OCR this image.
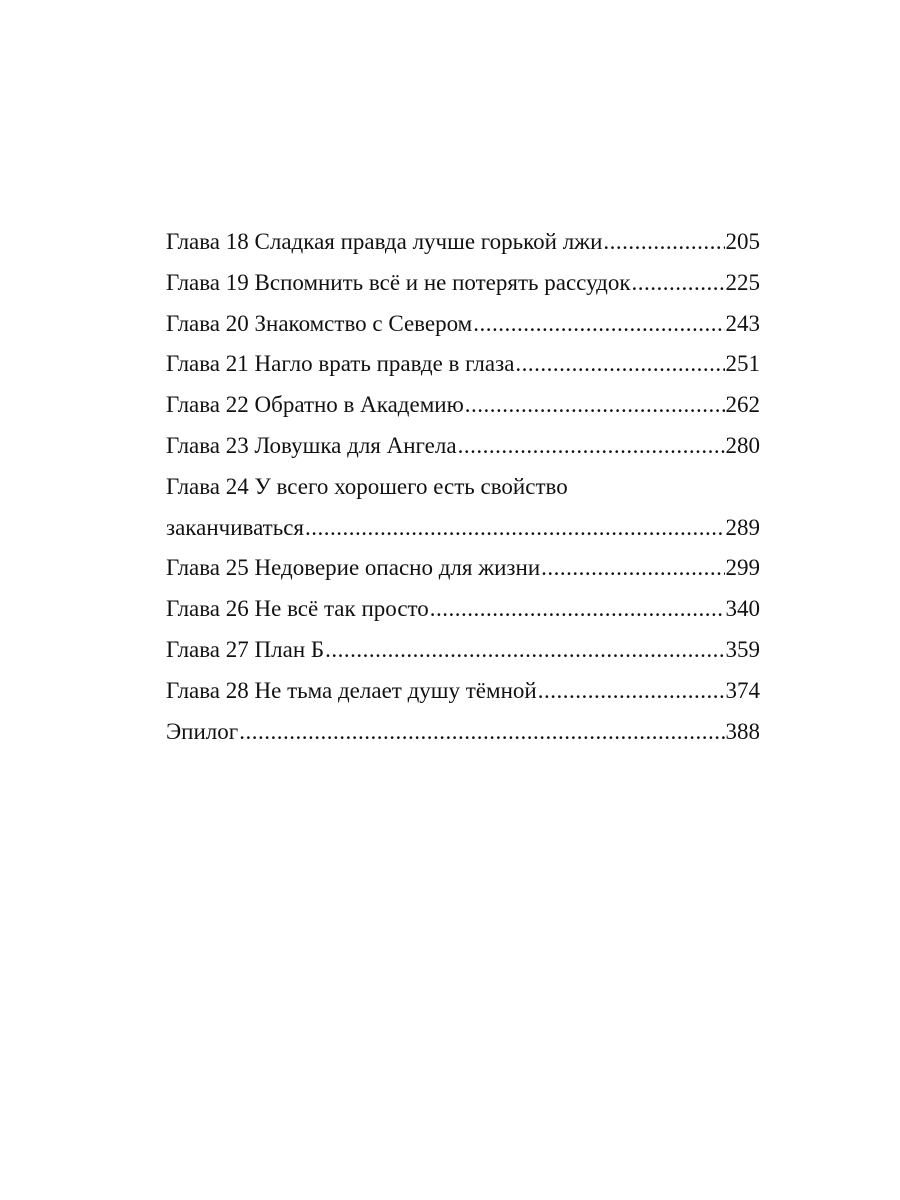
Глава 18 Сладкая правда лучше горькой лжи .....	205
Глава 19 Вспомнить всё и не потерять рассудок .....	225
Глава 20 Знакомство с Севером .....	243
Глава 21 Нагло врать правде в глаза .....	251
Глава 22 Обратно в Академию .....	262
Глава 23 Ловушка для Ангела .....	280
Глава 24 У всего хорошего есть свойство
заканчиваться .....	289
Глава 25 Недоверие опасно для жизни .....	299
Глава 26 Не всё так просто .....	340
Глава 27 План Б .....	359
Глава 28 Не тьма делает душу тёмной .....	374
Эпилог .....	388
